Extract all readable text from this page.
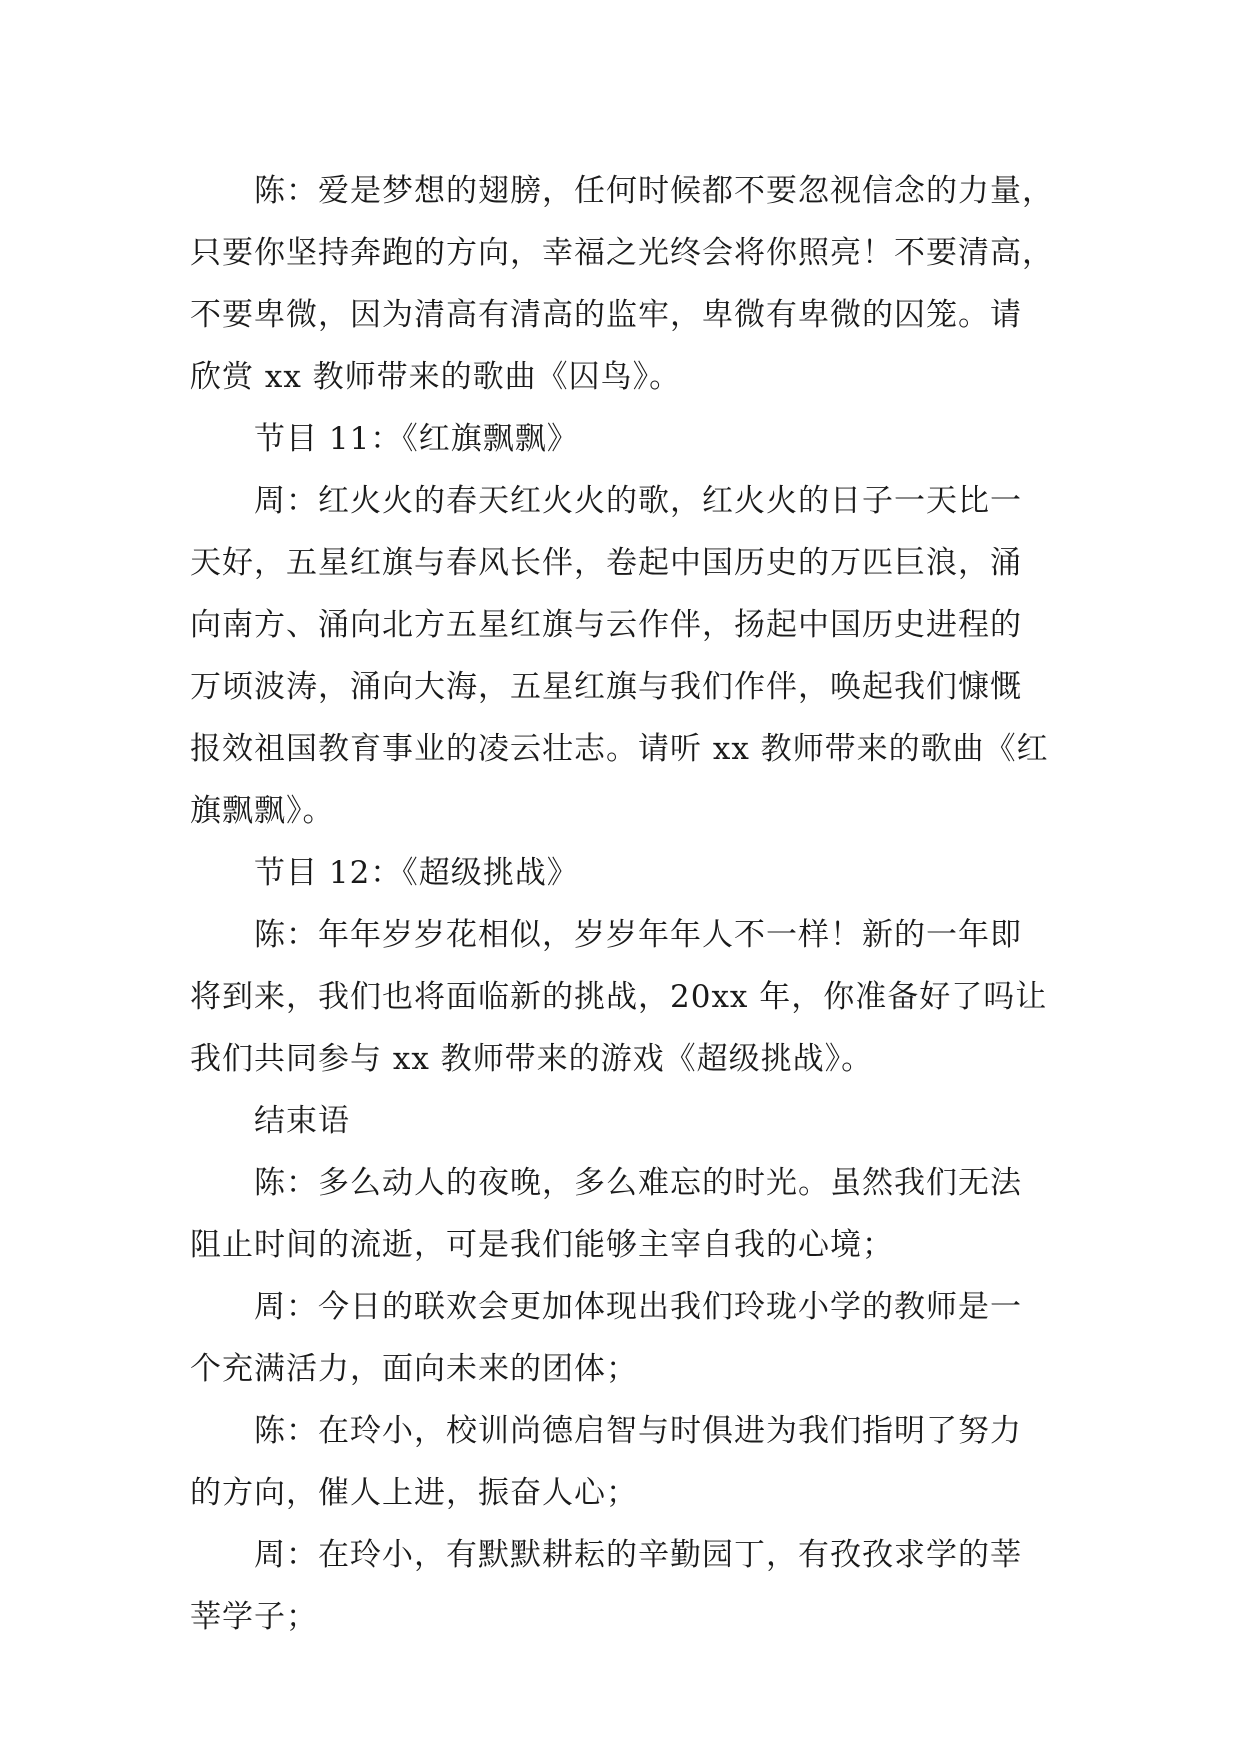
陈：爱是梦想的翅膀，任何时候都不要忽视信念的力量，
只要你坚持奔跑的方向，幸福之光终会将你照亮！不要清高，
不要卑微，因为清高有清高的监牢，卑微有卑微的囚笼。请
欣赏 xx 教师带来的歌曲《囚鸟》。
节目 11：《红旗飘飘》
周：红火火的春天红火火的歌，红火火的日子一天比一
天好，五星红旗与春风长伴，卷起中国历史的万匹巨浪，涌
向南方、涌向北方五星红旗与云作伴，扬起中国历史进程的
万顷波涛，涌向大海，五星红旗与我们作伴，唤起我们慷慨
报效祖国教育事业的凌云壮志。请听 xx 教师带来的歌曲《红
旗飘飘》。
节目 12：《超级挑战》
陈：年年岁岁花相似，岁岁年年人不一样！新的一年即
将到来，我们也将面临新的挑战，20xx 年，你准备好了吗让
我们共同参与 xx 教师带来的游戏《超级挑战》。
结束语
陈：多么动人的夜晚，多么难忘的时光。虽然我们无法
阻止时间的流逝，可是我们能够主宰自我的心境；
周：今日的联欢会更加体现出我们玲珑小学的教师是一
个充满活力，面向未来的团体；
陈：在玲小，校训尚德启智与时俱进为我们指明了努力
的方向，催人上进，振奋人心；
周：在玲小，有默默耕耘的辛勤园丁，有孜孜求学的莘
莘学子；
